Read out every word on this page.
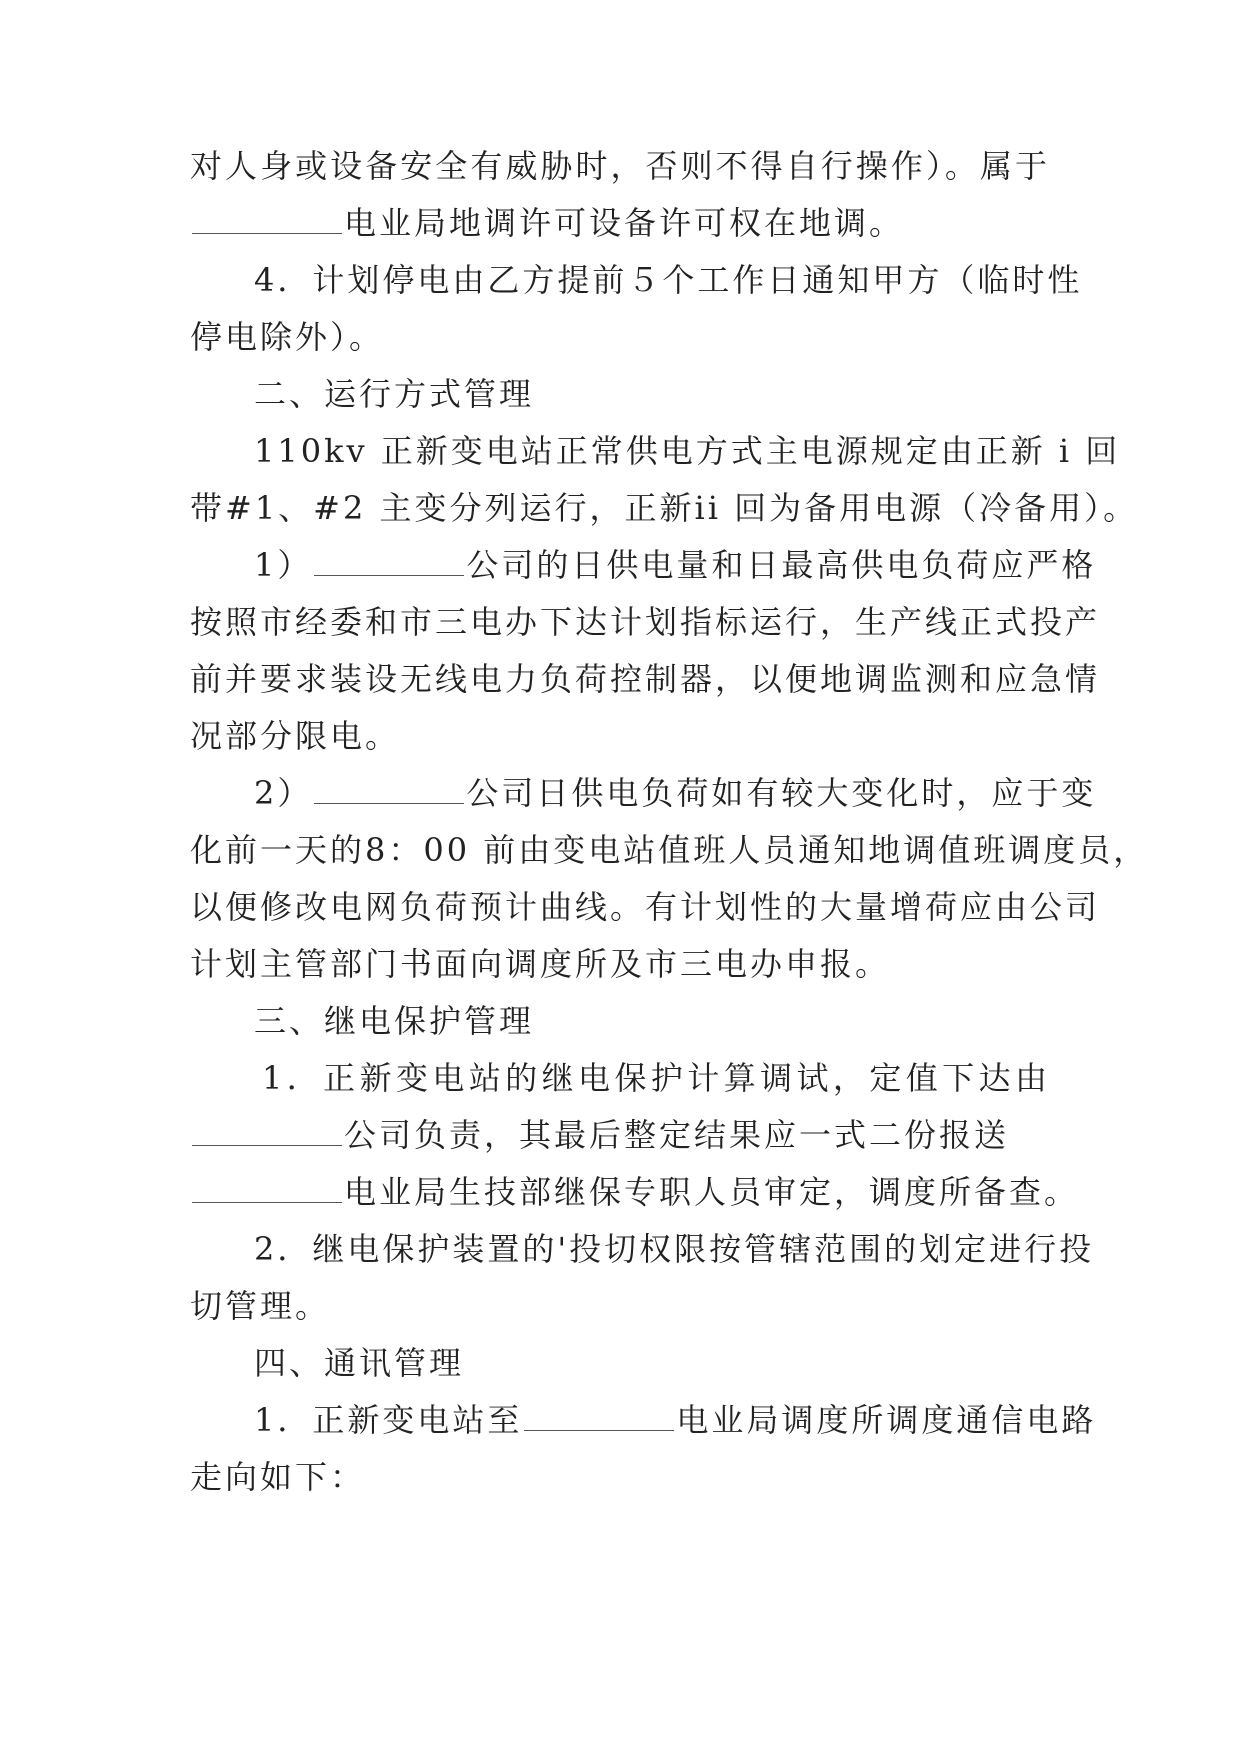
对人身或设备安全有威胁时，否则不得自行操作）。属于
电业局地调许可设备许可权在地调。
4．计划停电由乙方提前５个工作日通知甲方（临时性
停电除外）。
二、运行方式管理
110kv 正新变电站正常供电方式主电源规定由正新 i 回
带#1、#2 主变分列运行，正新ii 回为备用电源（冷备用）。
1）	公司的日供电量和日最高供电负荷应严格
按照市经委和市三电办下达计划指标运行，生产线正式投产
前并要求装设无线电力负荷控制器，以便地调监测和应急情
况部分限电。
2）	公司日供电负荷如有较大变化时，应于变
化前一天的8：00 前由变电站值班人员通知地调值班调度员，
以便修改电网负荷预计曲线。有计划性的大量增荷应由公司
计划主管部门书面向调度所及市三电办申报。
三、继电保护管理
1．正新变电站的继电保护计算调试，定值下达由
公司负责，其最后整定结果应一式二份报送
电业局生技部继保专职人员审定，调度所备查。
2．继电保护装置的'投切权限按管辖范围的划定进行投
切管理。
四、通讯管理
1．正新变电站至	电业局调度所调度通信电路
走向如下：
